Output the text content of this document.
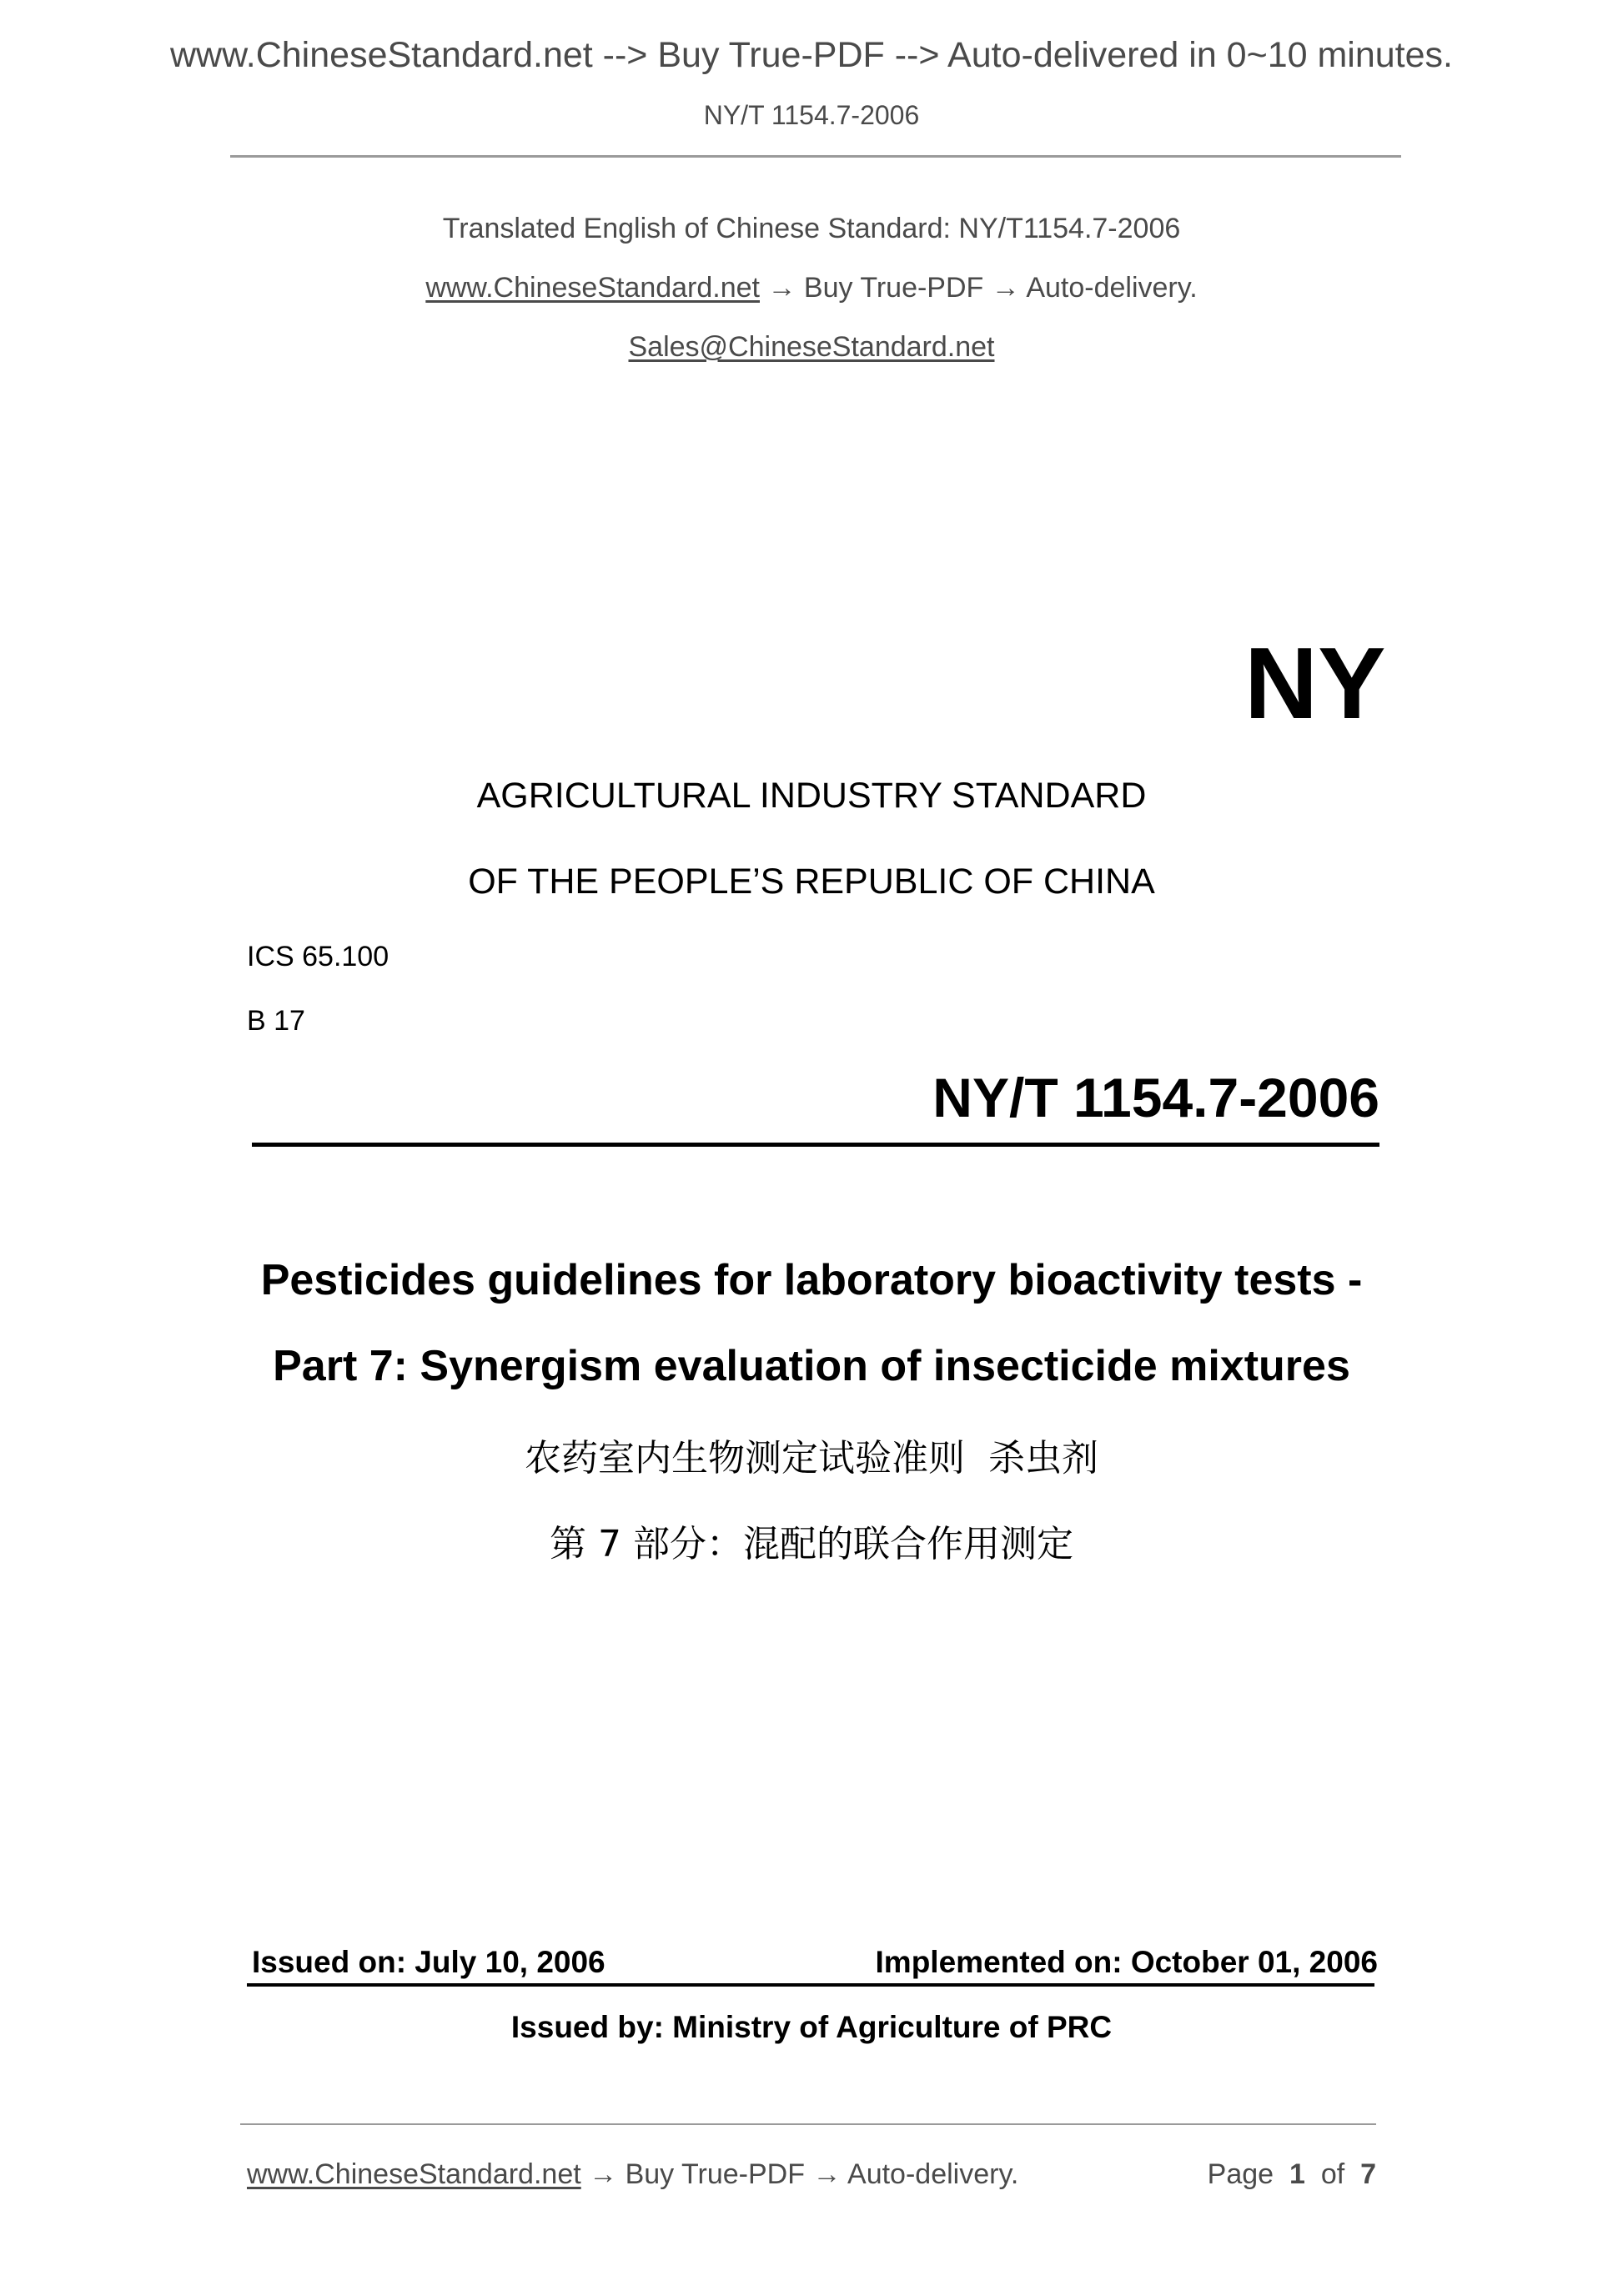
www.ChineseStandard.net --> Buy True-PDF --> Auto-delivered in 0~10 minutes.
NY/T 1154.7-2006
Translated English of Chinese Standard: NY/T1154.7-2006
www.ChineseStandard.net → Buy True-PDF → Auto-delivery.
Sales@ChineseStandard.net
NY
AGRICULTURAL INDUSTRY STANDARD
OF THE PEOPLE’S REPUBLIC OF CHINA
ICS 65.100
B 17
NY/T 1154.7-2006
Pesticides guidelines for laboratory bioactivity tests -
Part 7: Synergism evaluation of insecticide mixtures
农药室内生物测定试验准则  杀虫剂
第 7 部分：混配的联合作用测定
Issued on: July 10, 2006	Implemented on: October 01, 2006
Issued by: Ministry of Agriculture of PRC
www.ChineseStandard.net → Buy True-PDF → Auto-delivery.	Page 1 of 7
